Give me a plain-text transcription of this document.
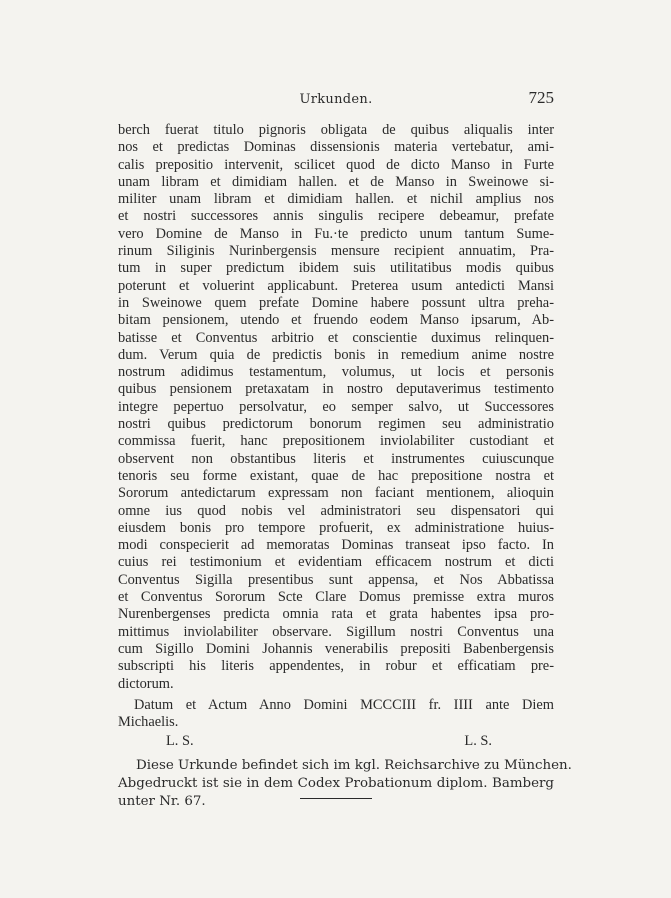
Urkunden.	725
berch fuerat titulo pignoris obligata de quibus aliqualis inter
nos et predictas Dominas dissensionis materia vertebatur, ami-
calis prepositio intervenit, scilicet quod de dicto Manso in Furte
unam libram et dimidiam hallen. et de Manso in Sweinowe si-
militer unam libram et dimidiam hallen. et nichil amplius nos
et nostri successores annis singulis recipere debeamur, prefate
vero Domine de Manso in Fu.·te predicto unum tantum Sume-
rinum Siliginis Nurinbergensis mensure recipient annuatim, Pra-
tum in super predictum ibidem suis utilitatibus modis quibus
poterunt et voluerint applicabunt. Preterea usum antedicti Mansi
in Sweinowe quem prefate Domine habere possunt ultra preha-
bitam pensionem, utendo et fruendo eodem Manso ipsarum, Ab-
batisse et Conventus arbitrio et conscientie duximus relinquen-
dum. Verum quia de predictis bonis in remedium anime nostre
nostrum adidimus testamentum, volumus, ut locis et personis
quibus pensionem pretaxatam in nostro deputaverimus testimento
integre pepertuo persolvatur, eo semper salvo, ut Successores
nostri quibus predictorum bonorum regimen seu administratio
commissa fuerit, hanc prepositionem inviolabiliter custodiant et
observent non obstantibus literis et instrumentes cuiuscunque
tenoris seu forme existant, quae de hac prepositione nostra et
Sororum antedictarum expressam non faciant mentionem, alioquin
omne ius quod nobis vel administratori seu dispensatori qui
eiusdem bonis pro tempore profuerit, ex administratione huius-
modi conspecierit ad memoratas Dominas transeat ipso facto. In
cuius rei testimonium et evidentiam efficacem nostrum et dicti
Conventus Sigilla presentibus sunt appensa, et Nos Abbatissa
et Conventus Sororum Scte Clare Domus premisse extra muros
Nurenbergenses predicta omnia rata et grata habentes ipsa pro-
mittimus inviolabiliter observare. Sigillum nostri Conventus una
cum Sigillo Domini Johannis venerabilis prepositi Babenbergensis
subscripti his literis appendentes, in robur et efficatiam pre-
dictorum.
Datum et Actum Anno Domini MCCCIII fr. IIII ante Diem
Michaelis.
L. S.	L. S.
Diese Urkunde befindet sich im kgl. Reichsarchive zu München.
Abgedruckt ist sie in dem Codex Probationum diplom. Bamberg
unter Nr. 67.
